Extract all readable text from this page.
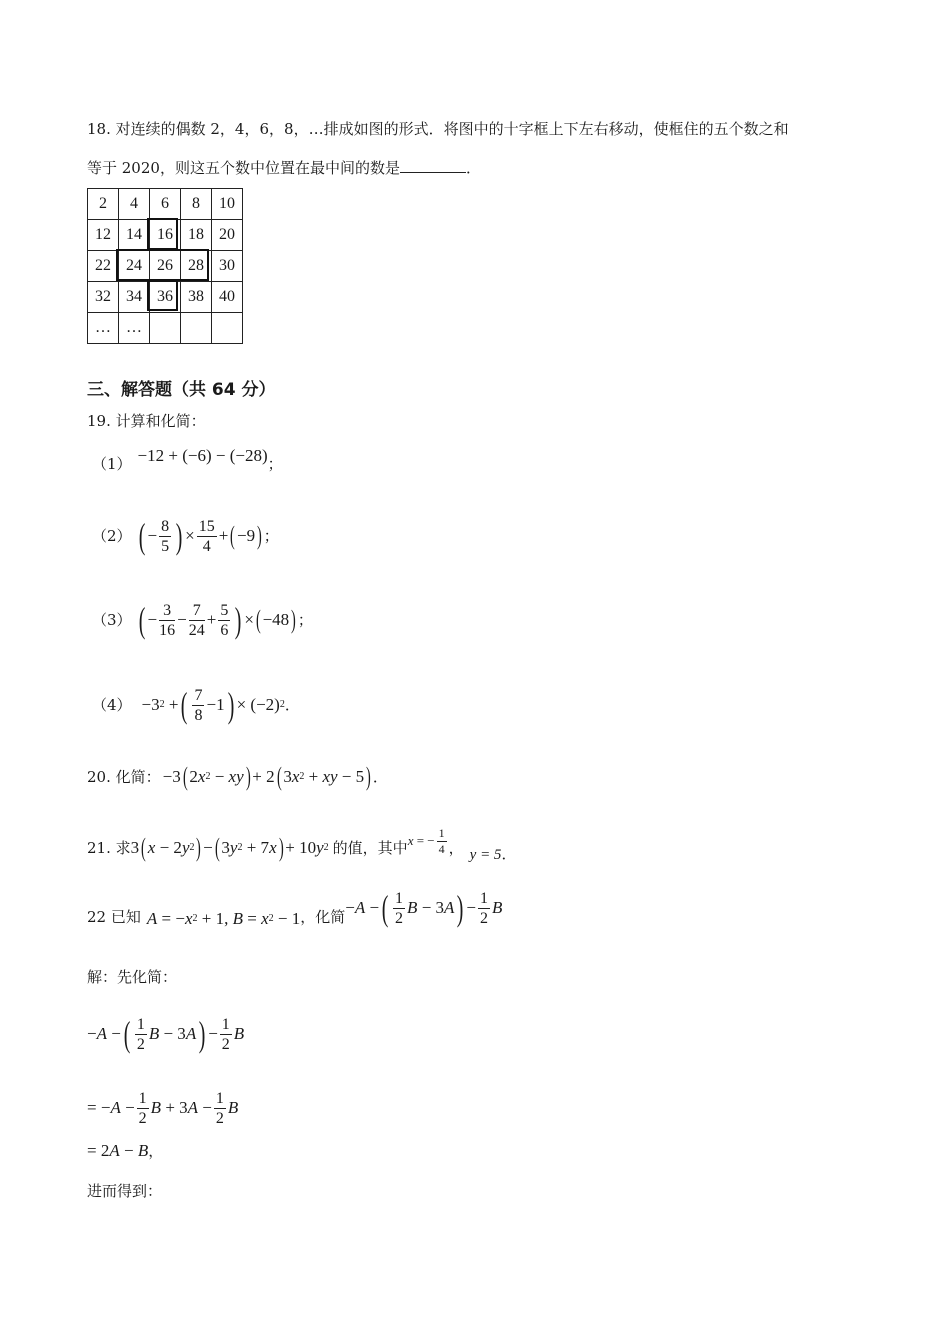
18. 对连续的偶数 2，4，6，8，…排成如图的形式．将图中的十字框上下左右移动，使框住的五个数之和
等于 2020，则这五个数中位置在最中间的数是	．
2	4	6	8	10
12	14	16	18	20
22	24	26	28	30
32	34	36	38	40
…	…			
三、解答题（共 64 分）
19. 计算和化简：
（1） −12 + (−6) − (−28) ；
（2） ( − $\frac{8}{5}$ ) × $\frac{15}{4}$ + ( −9 ) ；
（3） ( − $\frac{3}{16} - \frac{7}{24} + \frac{5}{6}$ ) × ( −48 ) ；
（4） −3 2 + ( $\frac{7}{8} -1$ ) × (−2) 2 ．
20. 化简： −3 ( 2 x 2 − xy ) + 2 ( 3 x 2 + xy − 5 ) ．
21. 求 3 ( x − 2 y 2 ) − ( 3 y 2 + 7 x ) + 10 y 2 的值，其中 x = − $\frac{1}{4}$ ， y = 5 ．
22 已知 A = − x 2 + 1, B = x 2 − 1 ，化简 − A − ( $\frac{1}{2}$ B − 3 A ) − $\frac{1}{2}$ B
解：先化简：
− A − ( $\frac{1}{2}$ B − 3 A ) − $\frac{1}{2}$ B
= − $A - \frac{1}{2}$ B + 3 $A - \frac{1}{2}$ B
= 2A − B ，
进而得到：
